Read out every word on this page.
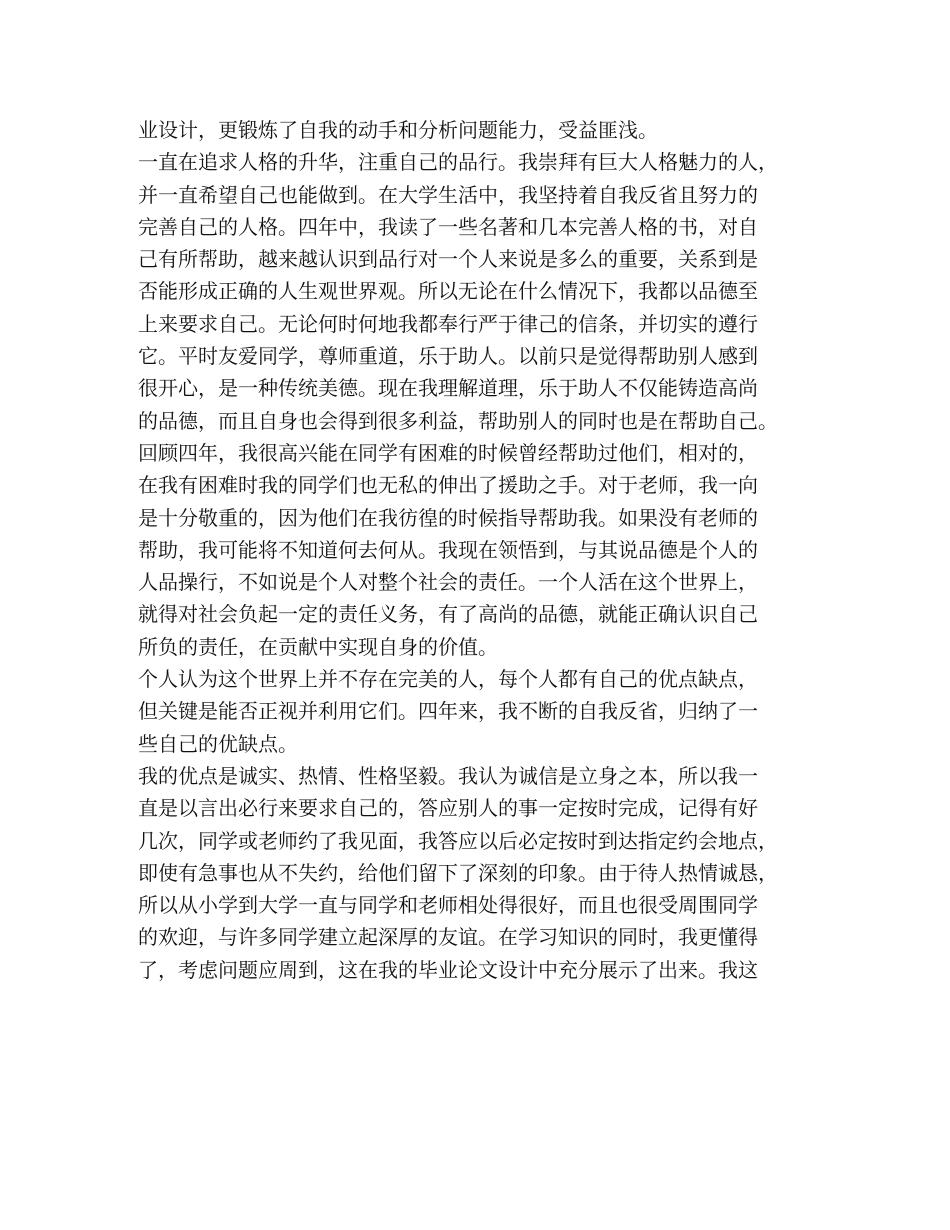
业设计，更锻炼了自我的动手和分析问题能力，受益匪浅。
一直在追求人格的升华，注重自己的品行。我崇拜有巨大人格魅力的人，
并一直希望自己也能做到。在大学生活中，我坚持着自我反省且努力的
完善自己的人格。四年中，我读了一些名著和几本完善人格的书，对自
己有所帮助，越来越认识到品行对一个人来说是多么的重要，关系到是
否能形成正确的人生观世界观。所以无论在什么情况下，我都以品德至
上来要求自己。无论何时何地我都奉行严于律己的信条，并切实的遵行
它。平时友爱同学，尊师重道，乐于助人。以前只是觉得帮助别人感到
很开心，是一种传统美德。现在我理解道理，乐于助人不仅能铸造高尚
的品德，而且自身也会得到很多利益，帮助别人的同时也是在帮助自己。
回顾四年，我很高兴能在同学有困难的时候曾经帮助过他们，相对的，
在我有困难时我的同学们也无私的伸出了援助之手。对于老师，我一向
是十分敬重的，因为他们在我彷徨的时候指导帮助我。如果没有老师的
帮助，我可能将不知道何去何从。我现在领悟到，与其说品德是个人的
人品操行，不如说是个人对整个社会的责任。一个人活在这个世界上，
就得对社会负起一定的责任义务，有了高尚的品德，就能正确认识自己
所负的责任，在贡献中实现自身的价值。
个人认为这个世界上并不存在完美的人，每个人都有自己的优点缺点，
但关键是能否正视并利用它们。四年来，我不断的自我反省，归纳了一
些自己的优缺点。
我的优点是诚实、热情、性格坚毅。我认为诚信是立身之本，所以我一
直是以言出必行来要求自己的，答应别人的事一定按时完成，记得有好
几次，同学或老师约了我见面，我答应以后必定按时到达指定约会地点，
即使有急事也从不失约，给他们留下了深刻的印象。由于待人热情诚恳，
所以从小学到大学一直与同学和老师相处得很好，而且也很受周围同学
的欢迎，与许多同学建立起深厚的友谊。在学习知识的同时，我更懂得
了，考虑问题应周到，这在我的毕业论文设计中充分展示了出来。我这
